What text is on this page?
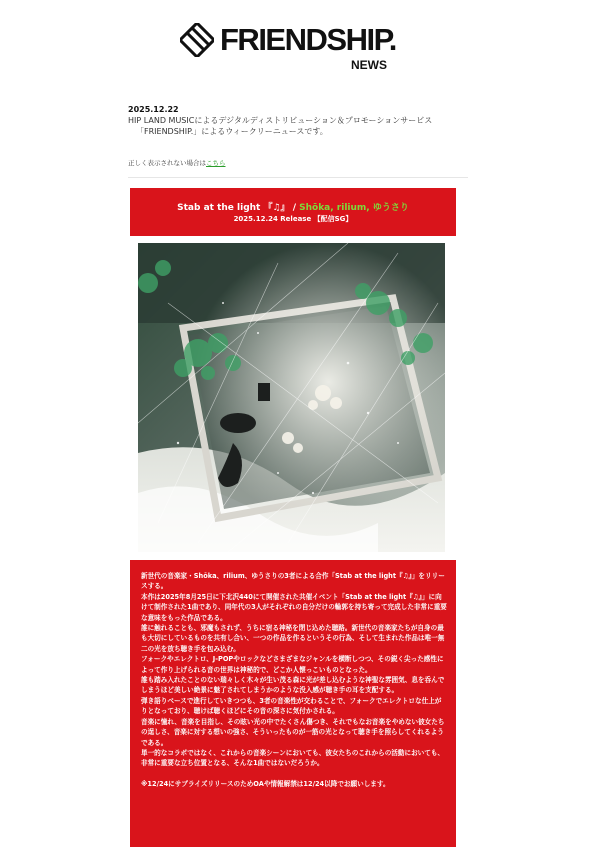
FRIENDSHIP.
NEWS
2025.12.22
HIP LAND MUSICによるデジタルディストリビューション＆プロモーションサービス
「FRIENDSHIP.」によるウィークリーニュースです。
正しく表示されない場合はこちら
Stab at the light 『♫』 / Shōka, rilium, ゆうさり
2025.12.24 Release 【配信SG】

新世代の音楽家・Shōka、rilium、ゆうさりの3者による合作「Stab at the light『♫』」をリリースする。

本作は2025年8月25日に下北沢440にて開催された共催イベント「Stab at the light『♫』」に向けて制作された1曲であり、同年代の3人がそれぞれの自分だけの輪郭を持ち寄って完成した非常に重要な意味をもった作品である。

誰に触れることも、邪魔もされず、うちに宿る神秘を閉じ込めた聴路。新世代の音楽家たちが自身の最も大切にしているものを共有し合い、一つの作品を作るというその行為、そして生まれた作品は唯一無二の光を放ち聴き手を包み込む。

フォークやエレクトロ、J-POPやロックなどさまざまなジャンルを横断しつつ、その鋭く尖った感性によって作り上げられる音の世界は神秘的で、どこか人懐っこいものとなった。

誰も踏み入れたことのない瑞々しく木々が生い茂る森に光が差し込むような神聖な雰囲気、息を呑んでしまうほど美しい絶景に魅了されてしまうかのような没入感が聴き手の耳を支配する。

弾き語りベースで進行していきつつも、3者の音楽性が交わることで、フォークでエレクトロな仕上がりとなっており、聴けば聴くほどにその音の深さに気付かされる。

音楽に憧れ、音楽を目指し、その眩い光の中でたくさん傷つき、それでもなお音楽をやめない彼女たちの逞しさ、音楽に対する想いの強さ、そういったものが一筋の光となって聴き手を照らしてくれるようである。

単一的なコラボではなく、これからの音楽シーンにおいても、彼女たちのこれからの活動においても、非常に重要な立ち位置となる、そんな1曲ではないだろうか。

※12/24にサプライズリリースのためOAや情報解禁は12/24以降でお願いします。
